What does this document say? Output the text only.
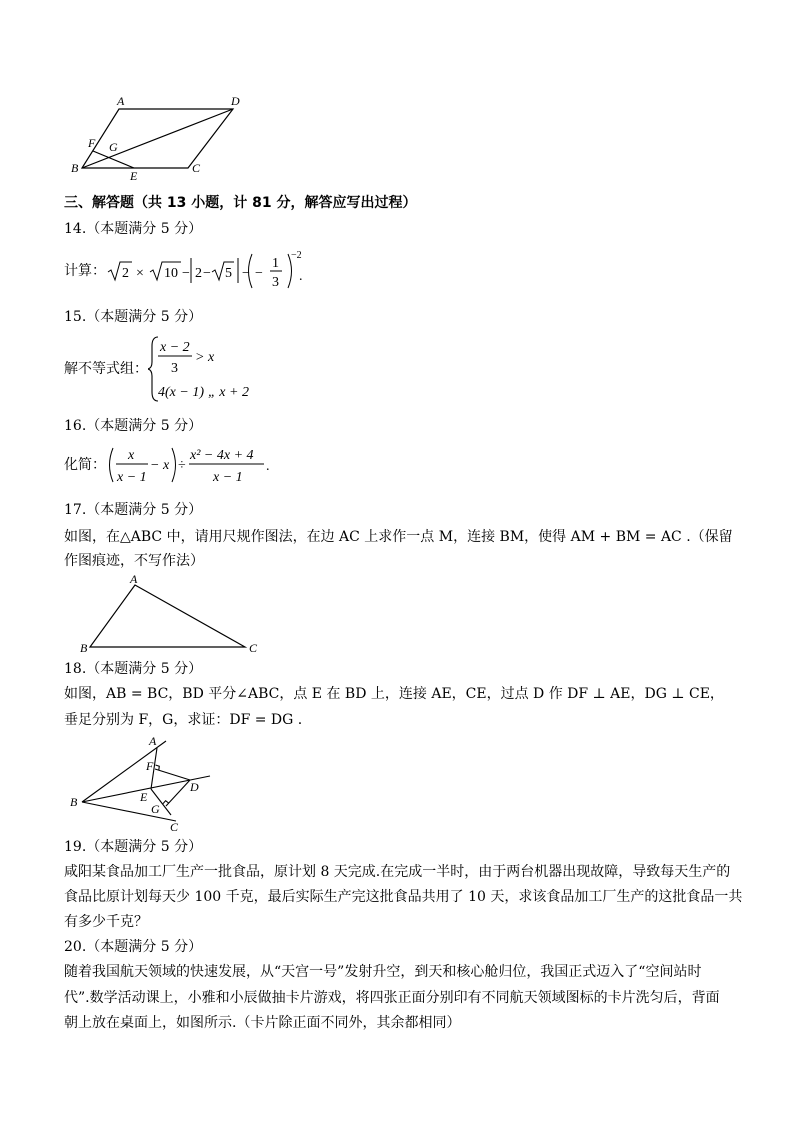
A	D
F G
B
E
C
三、解答题（共 13 小题，计 81 分，解答应写出过程）
14.（本题满分 5 分）
计算： 2 × 10 − 2 − 5 − −
1
3
−2
.
15.（本题满分 5 分）
解不等式组：
x − 2
3
> x
4(x − 1) „ x + 2
16.（本题满分 5 分）
化简：
x
x − 1
− x ÷
x² − 4x + 4
x − 1
.
17.（本题满分 5 分）
如图，在△ABC 中，请用尺规作图法，在边 AC 上求作一点 M，连接 BM，使得 AM + BM = AC .（保留
作图痕迹，不写作法）
A
B	C
18.（本题满分 5 分）
如图，AB = BC，BD 平分∠ABC，点 E 在 BD 上，连接 AE，CE，过点 D 作 DF ⊥ AE，DG ⊥ CE，
垂足分别为 F，G，求证：DF = DG .
A
F
D
B	E
G
C
19.（本题满分 5 分）
咸阳某食品加工厂生产一批食品，原计划 8 天完成.在完成一半时，由于两台机器出现故障，导致每天生产的
食品比原计划每天少 100 千克，最后实际生产完这批食品共用了 10 天，求该食品加工厂生产的这批食品一共
有多少千克？
20.（本题满分 5 分）
随着我国航天领域的快速发展，从“天宫一号”发射升空，到天和核心舱归位，我国正式迈入了“空间站时
代”.数学活动课上，小雅和小辰做抽卡片游戏，将四张正面分别印有不同航天领域图标的卡片洗匀后，背面
朝上放在桌面上，如图所示.（卡片除正面不同外，其余都相同）
